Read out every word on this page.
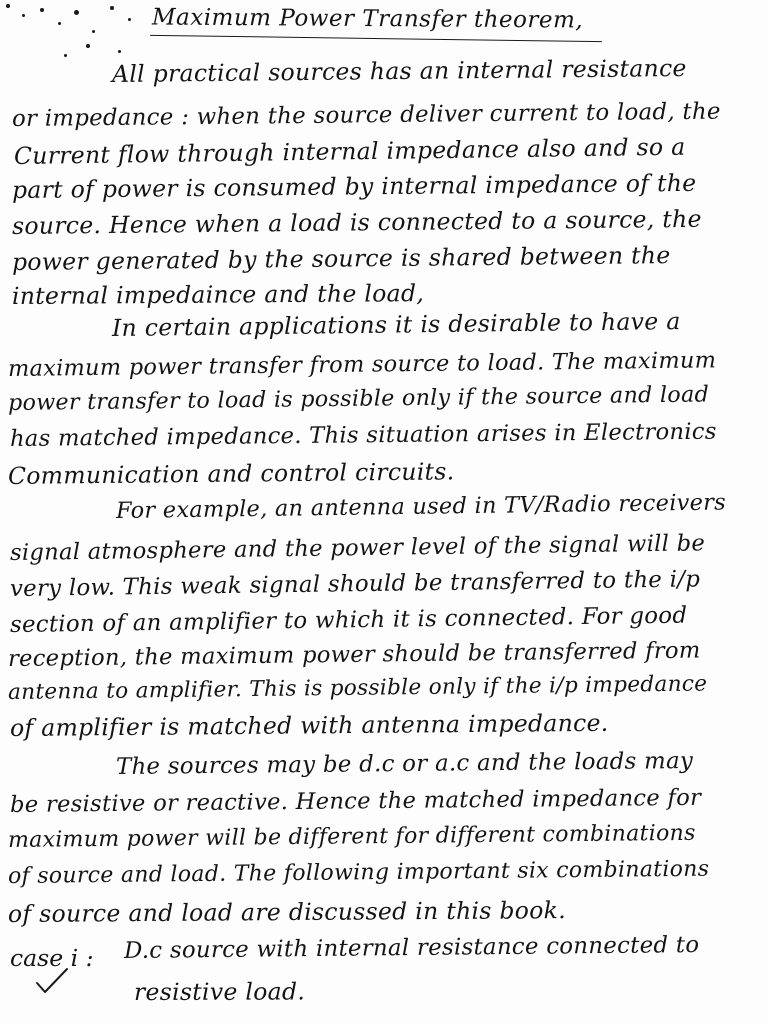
Maximum Power Transfer theorem,
All practical sources has an internal resistance
or impedance : when the source deliver current to load, the
Current flow through internal impedance also and so a
part of power is consumed by internal impedance of the
source. Hence when a load is connected to a source, the
power generated by the source is shared between the
internal impedaince and the load,
In certain applications it is desirable to have a
maximum power transfer from source to load. The maximum
power transfer to load is possible only if the source and load
has matched impedance. This situation arises in Electronics
Communication and control circuits.
For example, an antenna used in TV/Radio receivers
signal atmosphere and the power level of the signal will be
very low. This weak signal should be transferred to the i/p
section of an amplifier to which it is connected. For good
reception, the maximum power should be transferred from
antenna to amplifier. This is possible only if the i/p impedance
of amplifier is matched with antenna impedance.
The sources may be d.c or a.c and the loads may
be resistive or reactive. Hence the matched impedance for
maximum power will be different for different combinations
of source and load. The following important six combinations
of source and load are discussed in this book.
case i : D.c source with internal resistance connected to
resistive load.
